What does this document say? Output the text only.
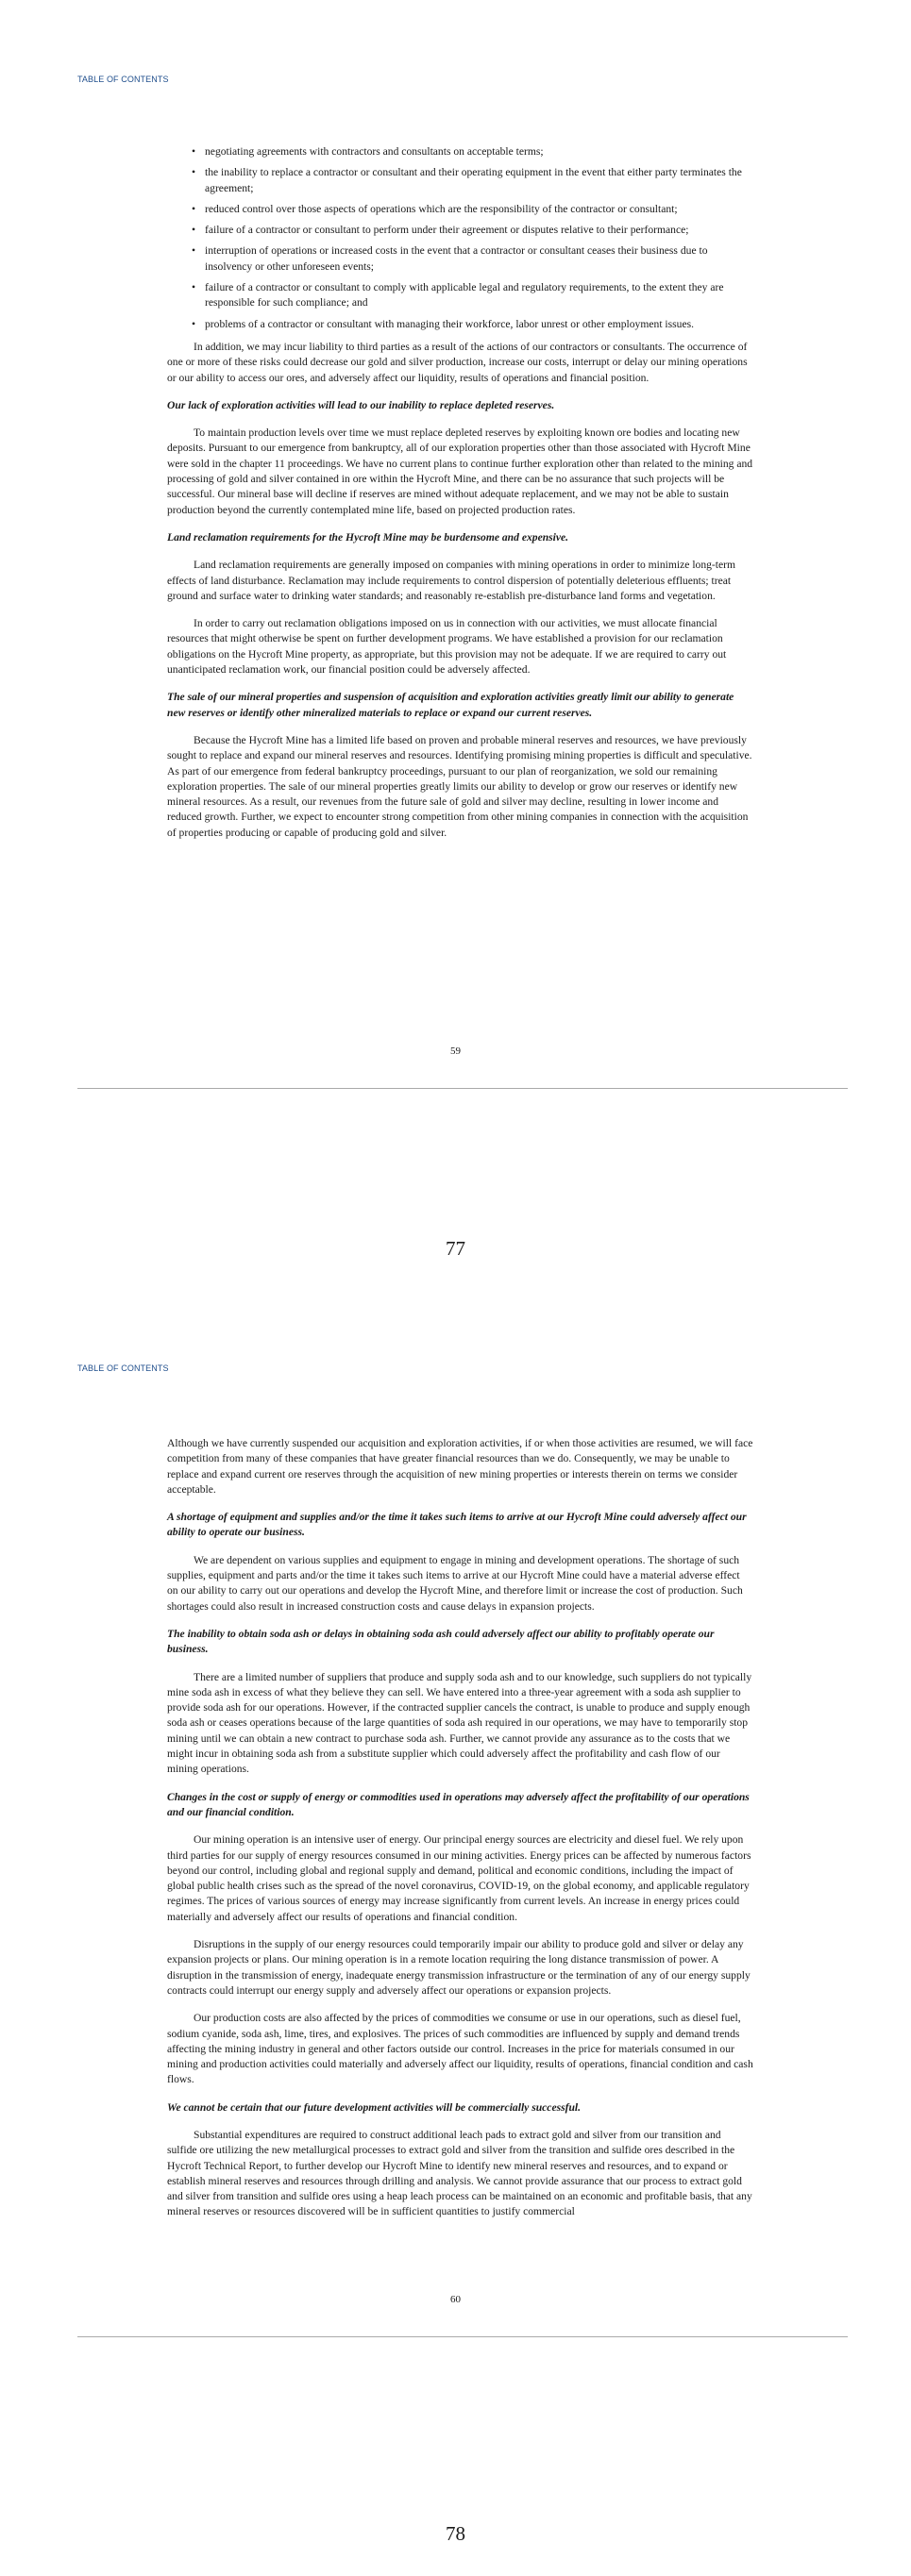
TABLE OF CONTENTS
• negotiating agreements with contractors and consultants on acceptable terms;
• the inability to replace a contractor or consultant and their operating equipment in the event that either party terminates the agreement;
• reduced control over those aspects of operations which are the responsibility of the contractor or consultant;
• failure of a contractor or consultant to perform under their agreement or disputes relative to their performance;
• interruption of operations or increased costs in the event that a contractor or consultant ceases their business due to insolvency or other unforeseen events;
• failure of a contractor or consultant to comply with applicable legal and regulatory requirements, to the extent they are responsible for such compliance; and
• problems of a contractor or consultant with managing their workforce, labor unrest or other employment issues.

In addition, we may incur liability to third parties as a result of the actions of our contractors or consultants. The occurrence of one or more of these risks could decrease our gold and silver production, increase our costs, interrupt or delay our mining operations or our ability to access our ores, and adversely affect our liquidity, results of operations and financial position.

Our lack of exploration activities will lead to our inability to replace depleted reserves.

To maintain production levels over time we must replace depleted reserves by exploiting known ore bodies and locating new deposits. Pursuant to our emergence from bankruptcy, all of our exploration properties other than those associated with Hycroft Mine were sold in the chapter 11 proceedings. We have no current plans to continue further exploration other than related to the mining and processing of gold and silver contained in ore within the Hycroft Mine, and there can be no assurance that such projects will be successful. Our mineral base will decline if reserves are mined without adequate replacement, and we may not be able to sustain production beyond the currently contemplated mine life, based on projected production rates.

Land reclamation requirements for the Hycroft Mine may be burdensome and expensive.

Land reclamation requirements are generally imposed on companies with mining operations in order to minimize long-term effects of land disturbance. Reclamation may include requirements to control dispersion of potentially deleterious effluents; treat ground and surface water to drinking water standards; and reasonably re-establish pre-disturbance land forms and vegetation.

In order to carry out reclamation obligations imposed on us in connection with our activities, we must allocate financial resources that might otherwise be spent on further development programs. We have established a provision for our reclamation obligations on the Hycroft Mine property, as appropriate, but this provision may not be adequate. If we are required to carry out unanticipated reclamation work, our financial position could be adversely affected.

The sale of our mineral properties and suspension of acquisition and exploration activities greatly limit our ability to generate new reserves or identify other mineralized materials to replace or expand our current reserves.

Because the Hycroft Mine has a limited life based on proven and probable mineral reserves and resources, we have previously sought to replace and expand our mineral reserves and resources. Identifying promising mining properties is difficult and speculative. As part of our emergence from federal bankruptcy proceedings, pursuant to our plan of reorganization, we sold our remaining exploration properties. The sale of our mineral properties greatly limits our ability to develop or grow our reserves or identify new mineral resources. As a result, our revenues from the future sale of gold and silver may decline, resulting in lower income and reduced growth. Further, we expect to encounter strong competition from other mining companies in connection with the acquisition of properties producing or capable of producing gold and silver.

59
77
TABLE OF CONTENTS

Although we have currently suspended our acquisition and exploration activities, if or when those activities are resumed, we will face competition from many of these companies that have greater financial resources than we do. Consequently, we may be unable to replace and expand current ore reserves through the acquisition of new mining properties or interests therein on terms we consider acceptable.

A shortage of equipment and supplies and/or the time it takes such items to arrive at our Hycroft Mine could adversely affect our ability to operate our business.

We are dependent on various supplies and equipment to engage in mining and development operations. The shortage of such supplies, equipment and parts and/or the time it takes such items to arrive at our Hycroft Mine could have a material adverse effect on our ability to carry out our operations and develop the Hycroft Mine, and therefore limit or increase the cost of production. Such shortages could also result in increased construction costs and cause delays in expansion projects.

The inability to obtain soda ash or delays in obtaining soda ash could adversely affect our ability to profitably operate our business.

There are a limited number of suppliers that produce and supply soda ash and to our knowledge, such suppliers do not typically mine soda ash in excess of what they believe they can sell. We have entered into a three-year agreement with a soda ash supplier to provide soda ash for our operations. However, if the contracted supplier cancels the contract, is unable to produce and supply enough soda ash or ceases operations because of the large quantities of soda ash required in our operations, we may have to temporarily stop mining until we can obtain a new contract to purchase soda ash. Further, we cannot provide any assurance as to the costs that we might incur in obtaining soda ash from a substitute supplier which could adversely affect the profitability and cash flow of our mining operations.

Changes in the cost or supply of energy or commodities used in operations may adversely affect the profitability of our operations and our financial condition.

Our mining operation is an intensive user of energy. Our principal energy sources are electricity and diesel fuel. We rely upon third parties for our supply of energy resources consumed in our mining activities. Energy prices can be affected by numerous factors beyond our control, including global and regional supply and demand, political and economic conditions, including the impact of global public health crises such as the spread of the novel coronavirus, COVID-19, on the global economy, and applicable regulatory regimes. The prices of various sources of energy may increase significantly from current levels. An increase in energy prices could materially and adversely affect our results of operations and financial condition.

Disruptions in the supply of our energy resources could temporarily impair our ability to produce gold and silver or delay any expansion projects or plans. Our mining operation is in a remote location requiring the long distance transmission of power. A disruption in the transmission of energy, inadequate energy transmission infrastructure or the termination of any of our energy supply contracts could interrupt our energy supply and adversely affect our operations or expansion projects.

Our production costs are also affected by the prices of commodities we consume or use in our operations, such as diesel fuel, sodium cyanide, soda ash, lime, tires, and explosives. The prices of such commodities are influenced by supply and demand trends affecting the mining industry in general and other factors outside our control. Increases in the price for materials consumed in our mining and production activities could materially and adversely affect our liquidity, results of operations, financial condition and cash flows.

We cannot be certain that our future development activities will be commercially successful.

Substantial expenditures are required to construct additional leach pads to extract gold and silver from our transition and sulfide ore utilizing the new metallurgical processes to extract gold and silver from the transition and sulfide ores described in the Hycroft Technical Report, to further develop our Hycroft Mine to identify new mineral reserves and resources, and to expand or establish mineral reserves and resources through drilling and analysis. We cannot provide assurance that our process to extract gold and silver from transition and sulfide ores using a heap leach process can be maintained on an economic and profitable basis, that any mineral reserves or resources discovered will be in sufficient quantities to justify commercial

60
78
